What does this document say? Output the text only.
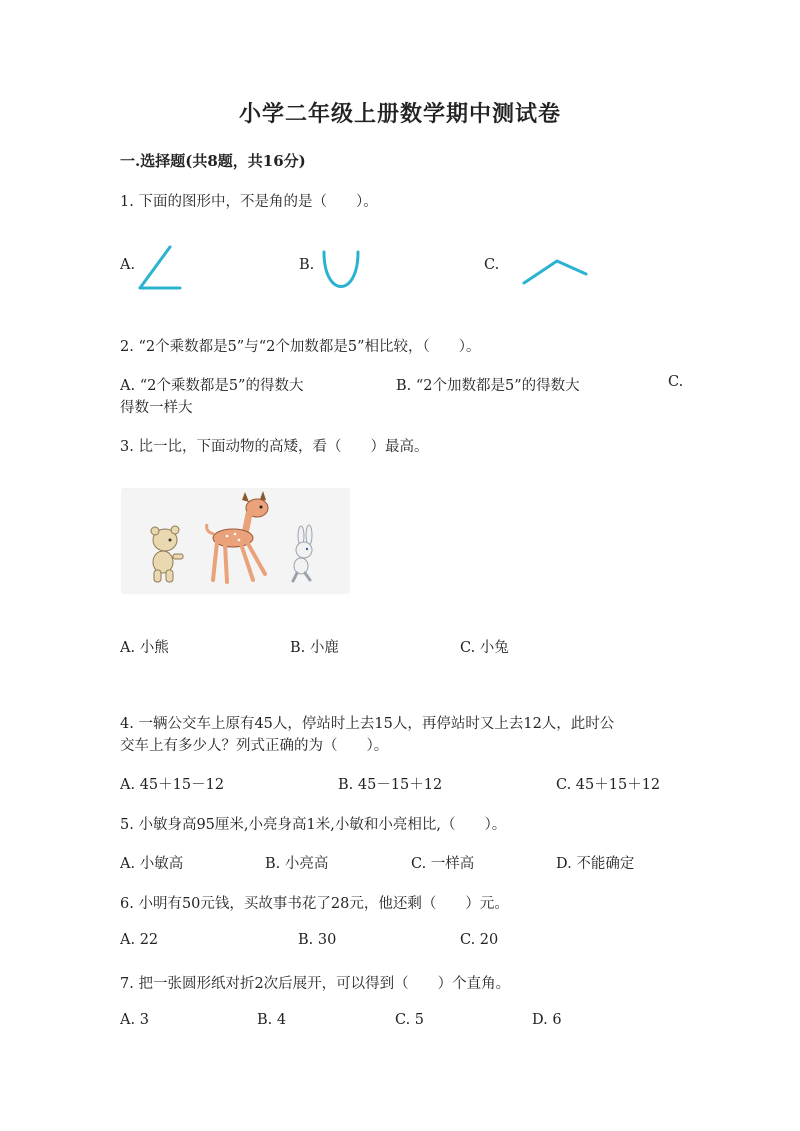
小学二年级上册数学期中测试卷
一.选择题(共8题，共16分)
1. 下面的图形中，不是角的是（　　）。
A.	B.	C.
2. “2个乘数都是5”与“2个加数都是5”相比较，（　　）。
A. “2个乘数都是5”的得数大	B. “2个加数都是5”的得数大	C.
得数一样大
3. 比一比，下面动物的高矮，看（　　）最高。
A. 小熊	B. 小鹿	C. 小兔
4. 一辆公交车上原有45人，停站时上去15人，再停站时又上去12人，此时公
交车上有多少人？列式正确的为（　　）。
A. 45＋15－12	B. 45－15＋12	C. 45＋15＋12
5. 小敏身高95厘米,小亮身高1米,小敏和小亮相比,（　　）。
A. 小敏高	B. 小亮高	C. 一样高	D. 不能确定
6. 小明有50元钱，买故事书花了28元，他还剩（　　）元。
A. 22	B. 30	C. 20
7. 把一张圆形纸对折2次后展开，可以得到（　　）个直角。
A. 3	B. 4	C. 5	D. 6
